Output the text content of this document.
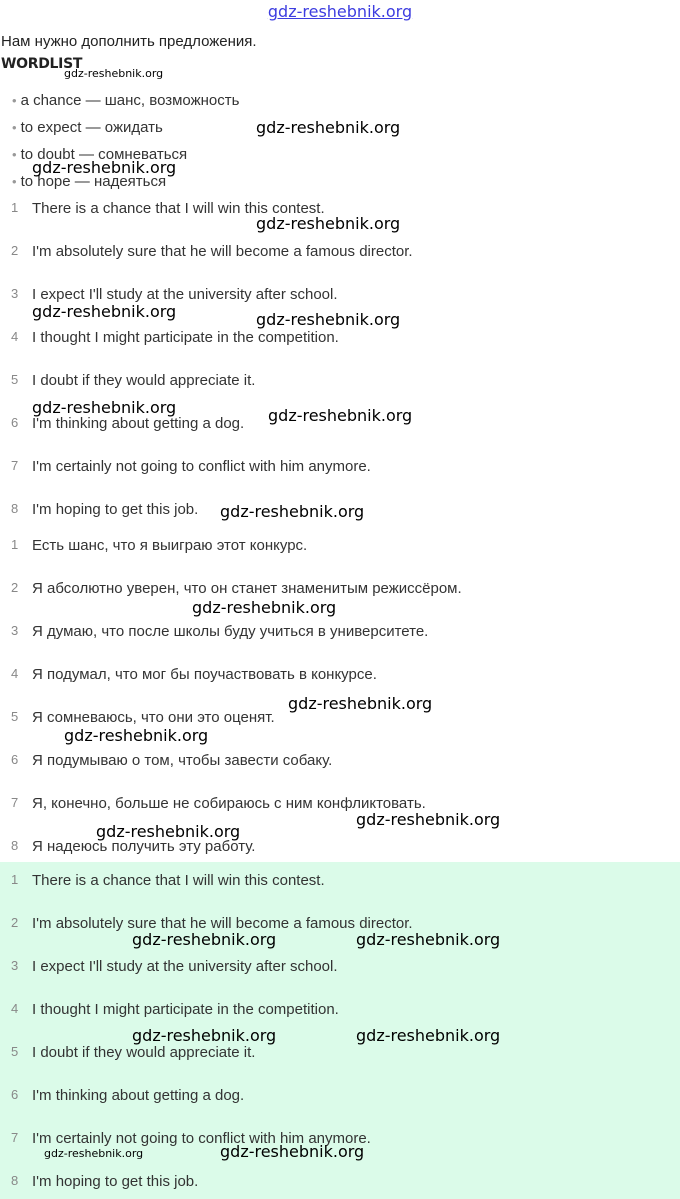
gdz-reshebnik.org
Нам нужно дополнить предложения.
WORDLIST
• a chance — шанс, возможность
• to expect — ожидать
• to doubt — сомневаться
• to hope — надеяться
1 There is a chance that I will win this contest.
2 I'm absolutely sure that he will become a famous director.
3 I expect I'll study at the university after school.
4 I thought I might participate in the competition.
5 I doubt if they would appreciate it.
6 I'm thinking about getting a dog.
7 I'm certainly not going to conflict with him anymore.
8 I'm hoping to get this job.
1 Есть шанс, что я выиграю этот конкурс.
2 Я абсолютно уверен, что он станет знаменитым режиссёром.
3 Я думаю, что после школы буду учиться в университете.
4 Я подумал, что мог бы поучаствовать в конкурсе.
5 Я сомневаюсь, что они это оценят.
6 Я подумываю о том, чтобы завести собаку.
7 Я, конечно, больше не собираюсь с ним конфликтовать.
8 Я надеюсь получить эту работу.
1 There is a chance that I will win this contest.
2 I'm absolutely sure that he will become a famous director.
3 I expect I'll study at the university after school.
4 I thought I might participate in the competition.
5 I doubt if they would appreciate it.
6 I'm thinking about getting a dog.
7 I'm certainly not going to conflict with him anymore.
8 I'm hoping to get this job.
gdz-reshebnik.org
gdz-reshebnik.org
gdz-reshebnik.org
gdz-reshebnik.org
gdz-reshebnik.org	gdz-reshebnik.org
gdz-reshebnik.org	gdz-reshebnik.org
gdz-reshebnik.org
gdz-reshebnik.org
gdz-reshebnik.org
gdz-reshebnik.org
gdz-reshebnik.org
gdz-reshebnik.org
gdz-reshebnik.org	gdz-reshebnik.org
gdz-reshebnik.org	gdz-reshebnik.org
gdz-reshebnik.org	gdz-reshebnik.org
